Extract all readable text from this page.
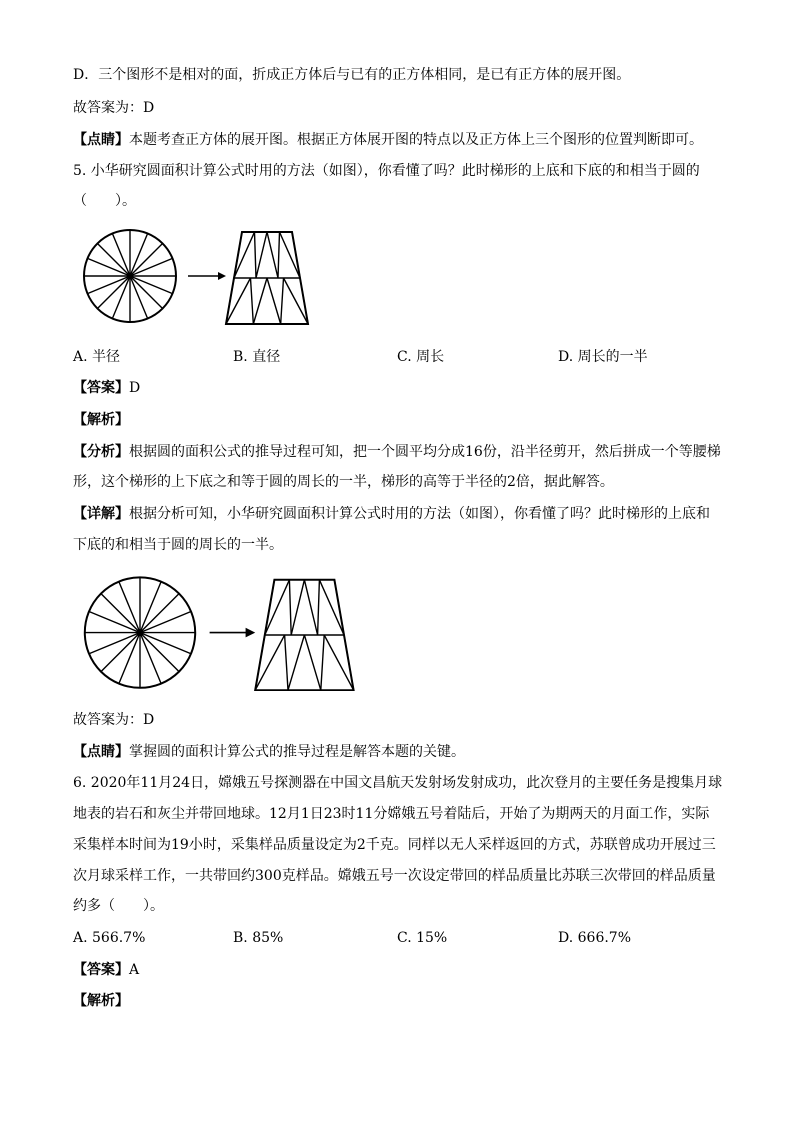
D．三个图形不是相对的面，折成正方体后与已有的正方体相同，是已有正方体的展开图。
故答案为：D
【点睛】本题考查正方体的展开图。根据正方体展开图的特点以及正方体上三个图形的位置判断即可。
5. 小华研究圆面积计算公式时用的方法（如图），你看懂了吗？此时梯形的上底和下底的和相当于圆的
（　　）。
A. 半径	B. 直径	C. 周长	D. 周长的一半
【答案】D
【解析】
【分析】根据圆的面积公式的推导过程可知，把一个圆平均分成16份，沿半径剪开，然后拼成一个等腰梯
形，这个梯形的上下底之和等于圆的周长的一半，梯形的高等于半径的2倍，据此解答。
【详解】根据分析可知，小华研究圆面积计算公式时用的方法（如图），你看懂了吗？此时梯形的上底和
下底的和相当于圆的周长的一半。
故答案为：D
【点睛】掌握圆的面积计算公式的推导过程是解答本题的关键。
6. 2020年11月24日，嫦娥五号探测器在中国文昌航天发射场发射成功，此次登月的主要任务是搜集月球
地表的岩石和灰尘并带回地球。12月1日23时11分嫦娥五号着陆后，开始了为期两天的月面工作，实际
采集样本时间为19小时，采集样品质量设定为2千克。同样以无人采样返回的方式，苏联曾成功开展过三
次月球采样工作，一共带回约300克样品。嫦娥五号一次设定带回的样品质量比苏联三次带回的样品质量
约多（　　）。
A. 566.7%	B. 85%	C. 15%	D. 666.7%
【答案】A
【解析】
